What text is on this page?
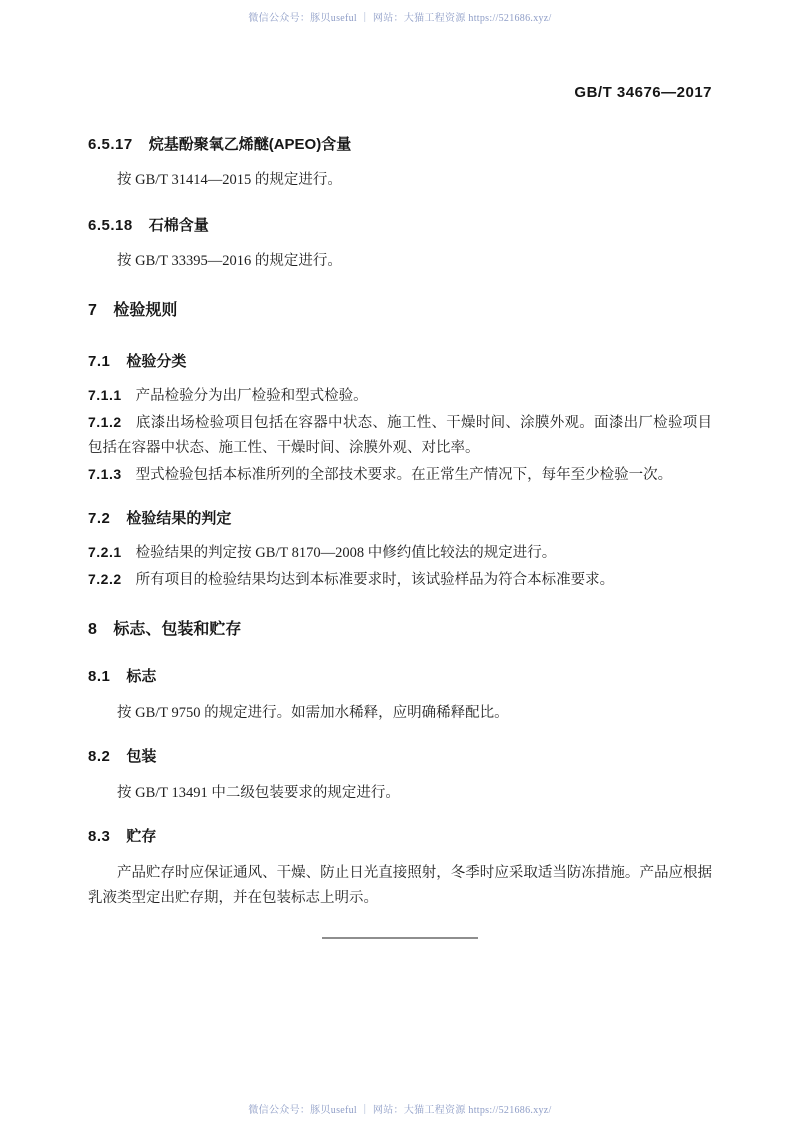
微信公众号：豚贝useful ｜ 网站：大猫工程资源 https://521686.xyz/
GB/T 34676—2017
6.5.17 烷基酚聚氧乙烯醚(APEO)含量

按 GB/T 31414—2015 的规定进行。

6.5.18 石棉含量

按 GB/T 33395—2016 的规定进行。

7 检验规则
7.1 检验分类

7.1.1 产品检验分为出厂检验和型式检验。

7.1.2 底漆出场检验项目包括在容器中状态、施工性、干燥时间、涂膜外观。面漆出厂检验项目包括在容器中状态、施工性、干燥时间、涂膜外观、对比率。

7.1.3 型式检验包括本标准所列的全部技术要求。在正常生产情况下，每年至少检验一次。

7.2 检验结果的判定

7.2.1 检验结果的判定按 GB/T 8170—2008 中修约值比较法的规定进行。

7.2.2 所有项目的检验结果均达到本标准要求时，该试验样品为符合本标准要求。

8 标志、包装和贮存
8.1 标志

按 GB/T 9750 的规定进行。如需加水稀释，应明确稀释配比。

8.2 包装

按 GB/T 13491 中二级包装要求的规定进行。

8.3 贮存

产品贮存时应保证通风、干燥、防止日光直接照射，冬季时应采取适当防冻措施。产品应根据乳液类型定出贮存期，并在包装标志上明示。

微信公众号：豚贝useful ｜ 网站：大猫工程资源 https://521686.xyz/
